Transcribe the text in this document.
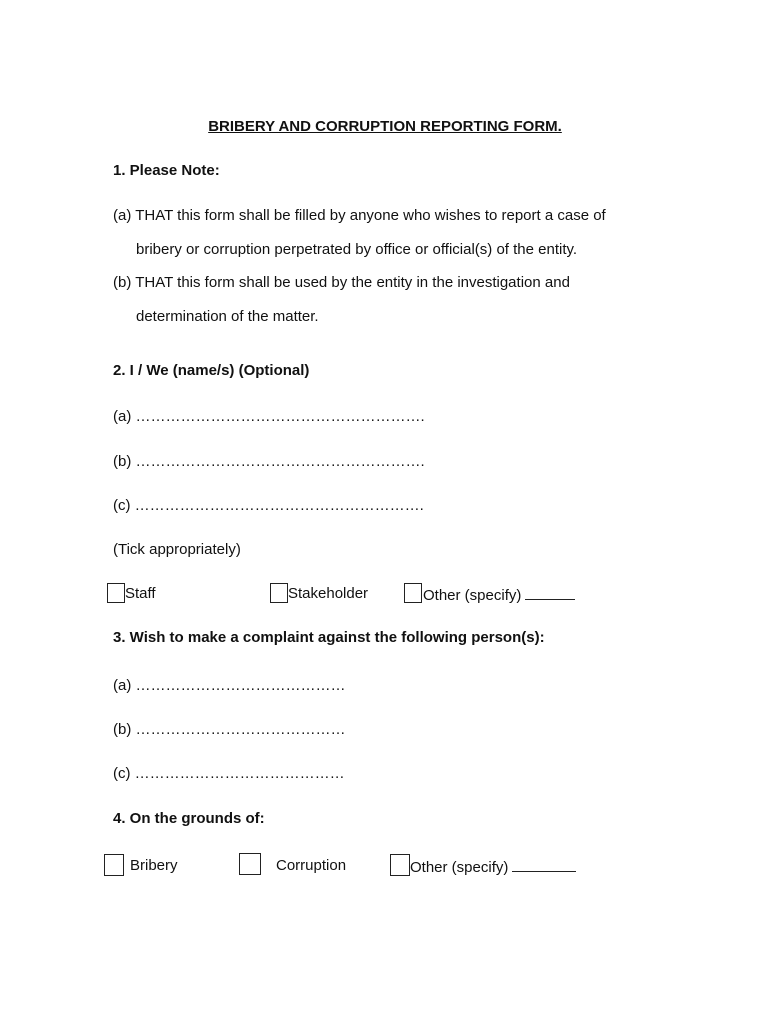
BRIBERY AND CORRUPTION REPORTING FORM.
1. Please Note:
(a) THAT this form shall be filled by anyone who wishes to report a case of
bribery or corruption perpetrated by office or official(s) of the entity.
(b) THAT this form shall be used by the entity in the investigation and
determination of the matter.
2. I / We (name/s) (Optional)
(a) ………………………………………………….
(b) ………………………………………………….
(c) ………………………………………………….
(Tick appropriately)
Staff	Stakeholder	Other (specify)
3. Wish to make a complaint against the following person(s):
(a) ……………………………………
(b) ……………………………………
(c) ……………………………………
4. On the grounds of:
Bribery	Corruption	Other (specify)
